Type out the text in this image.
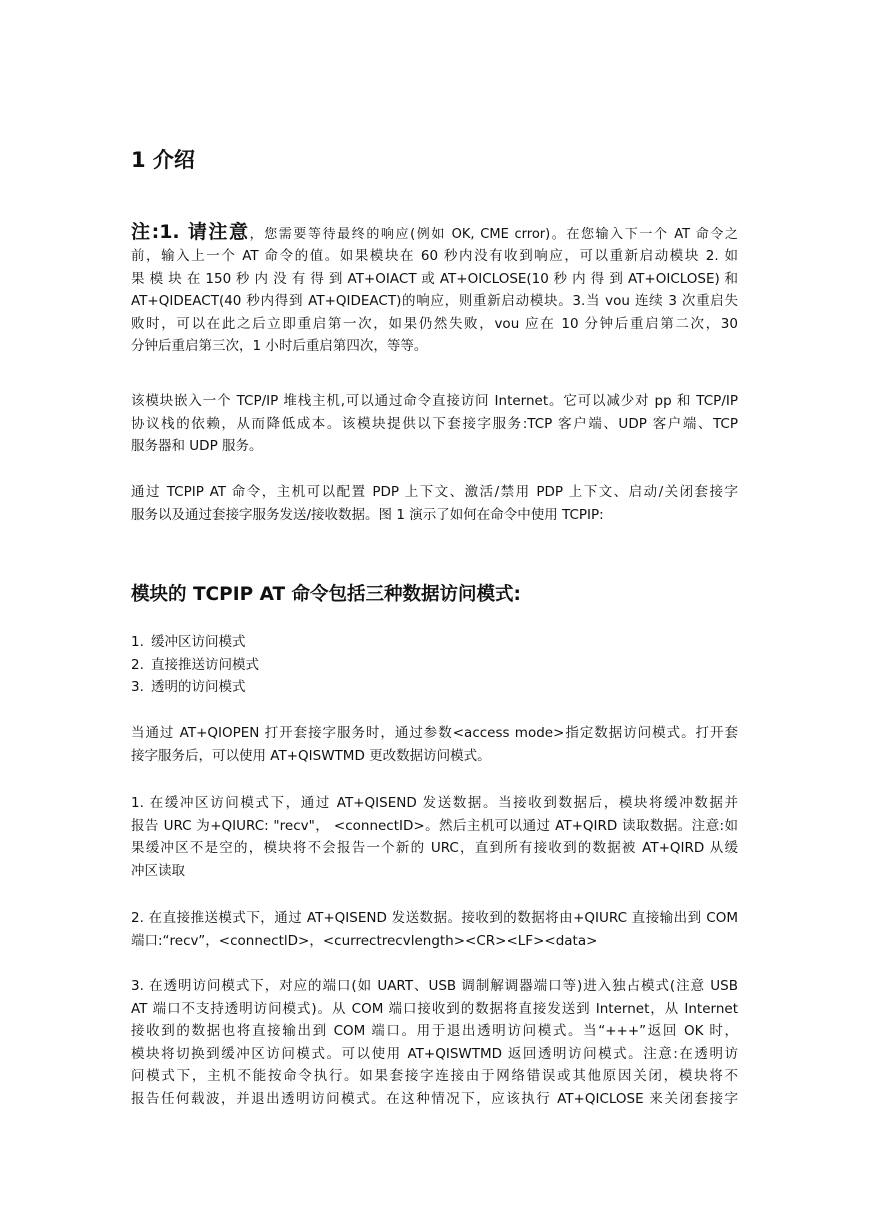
1 介绍
注:1. 请注意，您需要等待最终的响应(例如 OK, CME crror)。在您输入下一个 AT 命令之
前，输入上一个 AT 命令的值。如果模块在 60 秒内没有收到响应，可以重新启动模块 2. 如
果 模 块 在 150 秒 内 没 有 得 到 AT+OIACT 或 AT+OICLOSE(10 秒 内 得 到 AT+OICLOSE) 和
AT+QIDEACT(40 秒内得到 AT+QIDEACT)的响应，则重新启动模块。3.当 vou 连续 3 次重启失
败时，可以在此之后立即重启第一次，如果仍然失败，vou 应在 10 分钟后重启第二次，30
分钟后重启第三次，1 小时后重启第四次，等等。
该模块嵌入一个 TCP/IP 堆栈主机,可以通过命令直接访问 Internet。它可以减少对 pp 和 TCP/IP
协议栈的依赖，从而降低成本。该模块提供以下套接字服务:TCP 客户端、UDP 客户端、TCP
服务器和 UDP 服务。
通过 TCPIP AT 命令，主机可以配置 PDP 上下文、激活/禁用 PDP 上下文、启动/关闭套接字
服务以及通过套接字服务发送/接收数据。图 1 演示了如何在命令中使用 TCPIP:
模块的 TCPIP AT 命令包括三种数据访问模式:
1. 缓冲区访问模式
2. 直接推送访问模式
3. 透明的访问模式
当通过 AT+QIOPEN 打开套接字服务时，通过参数<access mode>指定数据访问模式。打开套
接字服务后，可以使用 AT+QISWTMD 更改数据访问模式。
1. 在缓冲区访问模式下，通过 AT+QISEND 发送数据。当接收到数据后，模块将缓冲数据并
报告 URC 为+QIURC: "recv"， <connectID>。然后主机可以通过 AT+QIRD 读取数据。注意:如
果缓冲区不是空的，模块将不会报告一个新的 URC，直到所有接收到的数据被 AT+QIRD 从缓
冲区读取
2. 在直接推送模式下，通过 AT+QISEND 发送数据。接收到的数据将由+QIURC 直接输出到 COM
端口:“recv”，<connectlD>，<currectrecvlength><CR><LF><data>
3. 在透明访问模式下，对应的端口(如 UART、USB 调制解调器端口等)进入独占模式(注意 USB
AT 端口不支持透明访问模式)。从 COM 端口接收到的数据将直接发送到 Internet，从 Internet
接收到的数据也将直接输出到 COM 端口。用于退出透明访问模式。当“+++”返回 OK 时，
模块将切换到缓冲区访问模式。可以使用 AT+QISWTMD 返回透明访问模式。注意:在透明访
问模式下，主机不能按命令执行。如果套接字连接由于网络错误或其他原因关闭，模块将不
报告任何载波，并退出透明访问模式。在这种情况下，应该执行 AT+QICLOSE 来关闭套接字
